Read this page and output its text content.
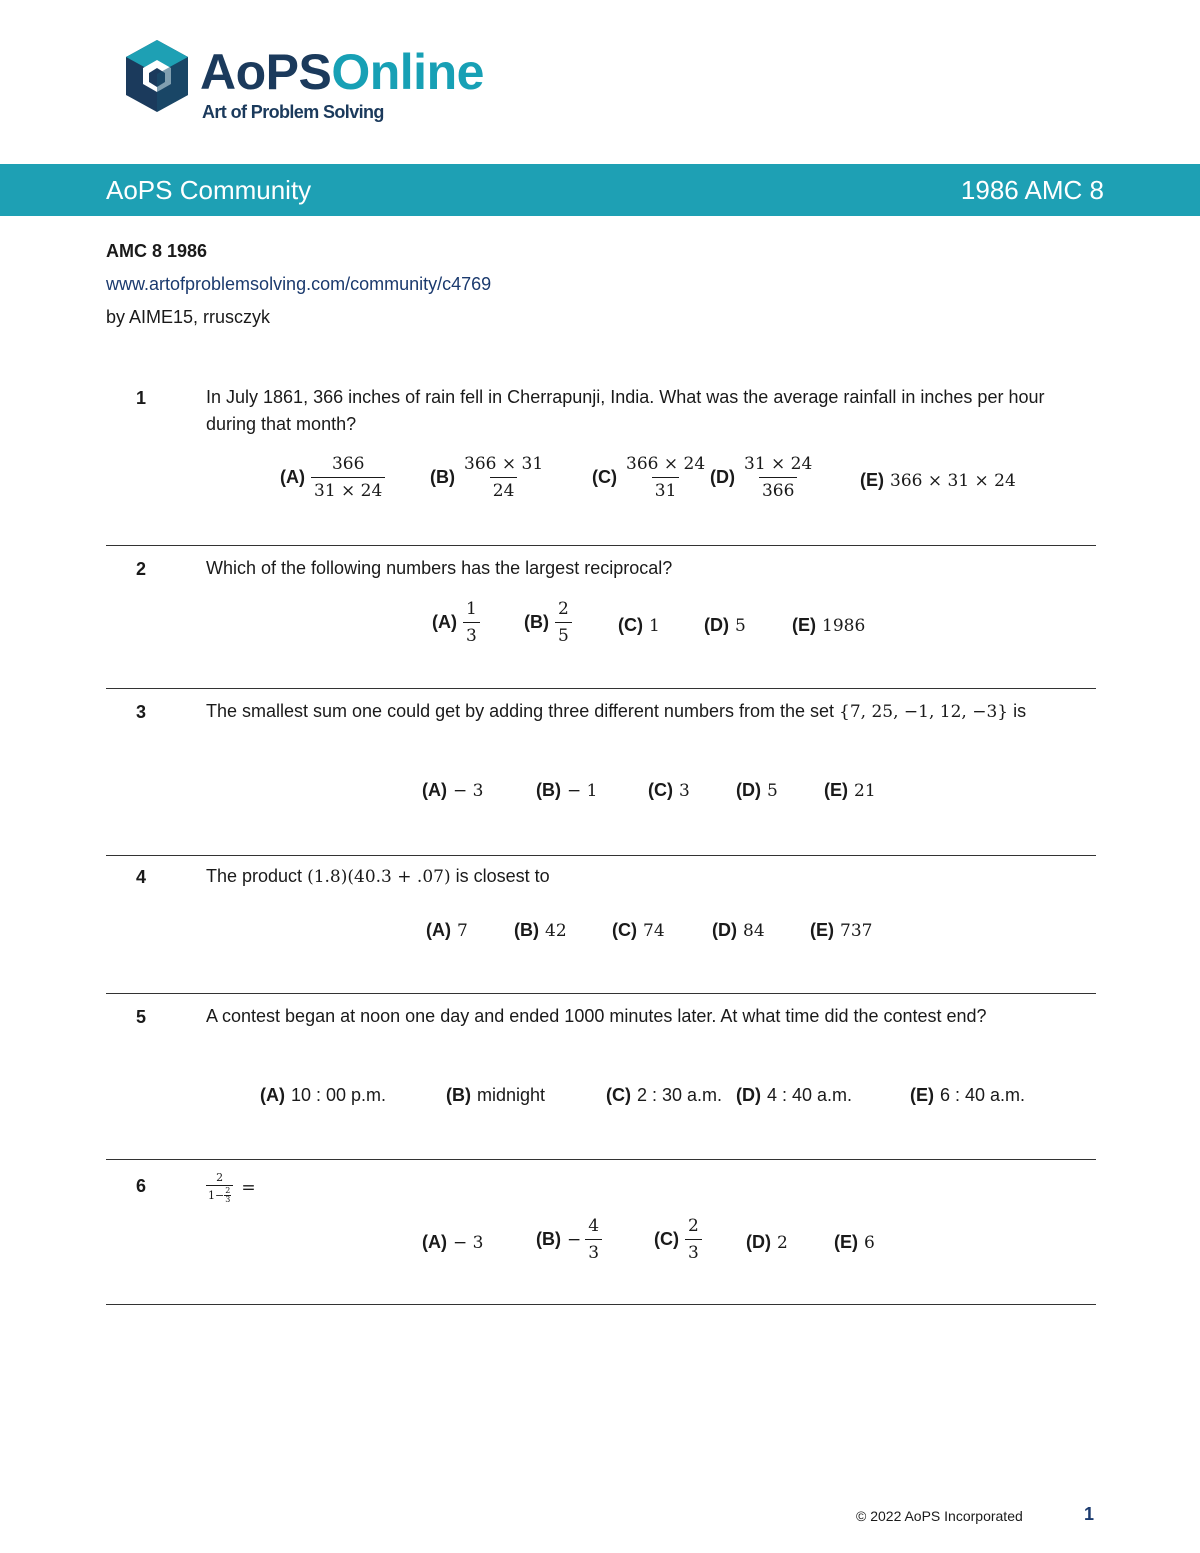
AoPSOnline
Art of Problem Solving
AoPS Community	1986 AMC 8
AMC 8 1986
www.artofproblemsolving.com/community/c4769
by AIME15, rrusczyk
1	In July 1861, 366 inches of rain fell in Cherrapunji, India. What was the average rainfall in inches per hour during that month?
$(A) \frac{366}{31 \times 24} (B) \frac{366 \times 31}{24}$	$(C) \frac{366 \times 24}{31} (D) \frac{31 \times 24}{366} (E) 366 \times 31 \times 24$
2	Which of the following numbers has the largest reciprocal?
$(A) \frac{1}{3} (B) \frac{2}{5}$	(C) 1 (D) 5	(E) 1986
3	The smallest sum one could get by adding three different numbers from the set {7, 25, −1, 12, −3} is
(A) − 3	(B) − 1	(C) 3	(D) 5	(E) 21
4	The product (1.8)(40.3 + .07) is closest to
(A) 7	(B) 42	(C) 74	(D) 84	(E) 737
5	A contest began at noon one day and ended 1000 minutes later. At what time did the contest end?
(A) 10 : 00 p.m.	(B) midnight	(C) 2 : 30 a.m. (D) 4 : 40 a.m.	(E) 6 : 40 a.m.
6	$\frac{2}{1- \frac{2}{3}}$ =
(A) − 3	$(B) - \frac{4}{3}$	$(C) \frac{2}{3} (D)$ 2	(E) 6
© 2022 AoPS Incorporated	1
